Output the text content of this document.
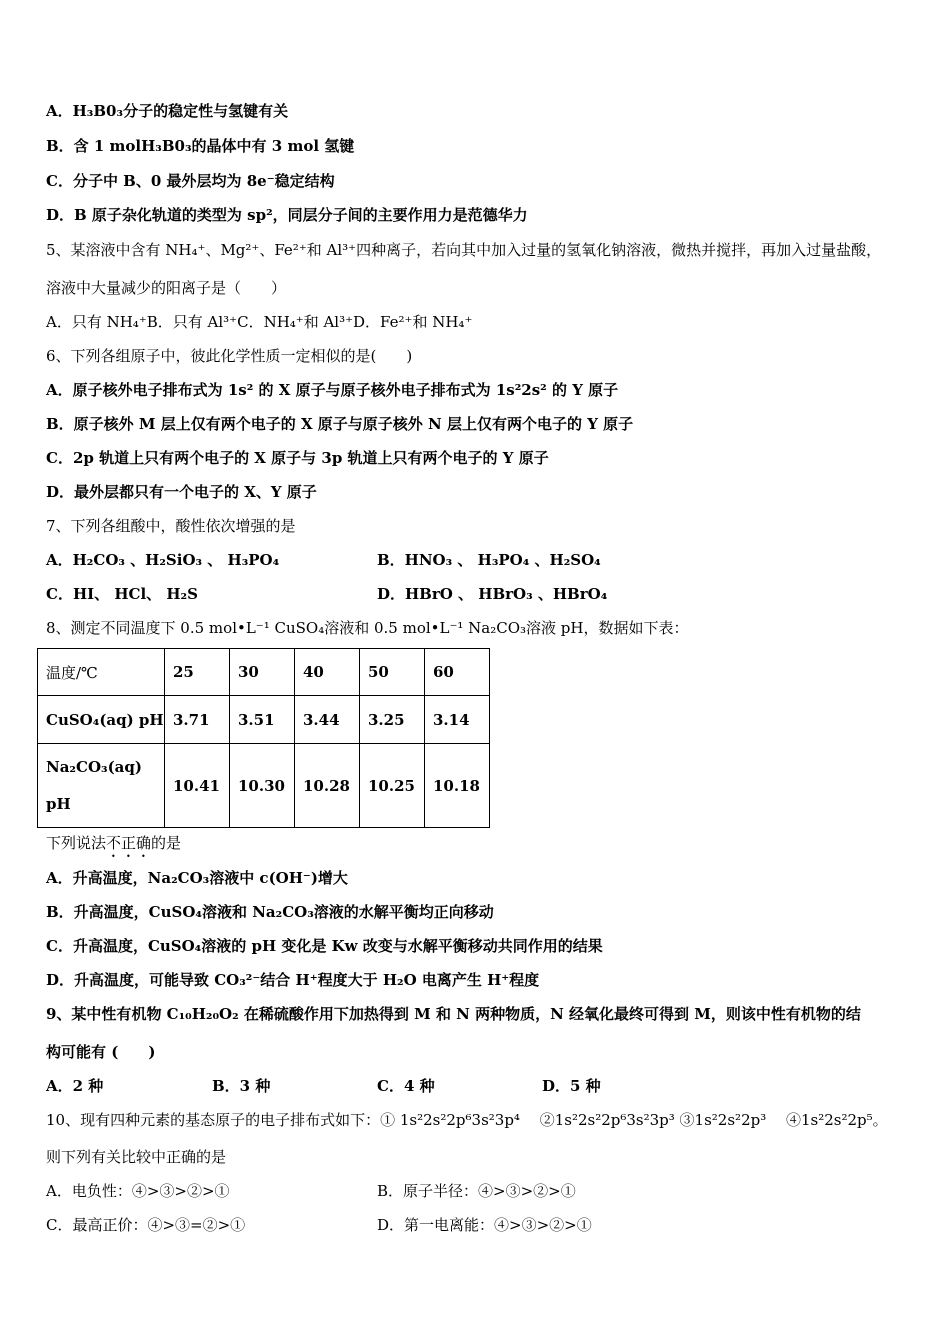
A．H₃B0₃分子的稳定性与氢键有关
B．含 1 molH₃B0₃的晶体中有 3 mol 氢键
C．分子中 B、0 最外层均为 8e⁻稳定结构
D．B 原子杂化轨道的类型为 sp²，同层分子间的主要作用力是范德华力
5、某溶液中含有 NH₄⁺、Mg²⁺、Fe²⁺和 Al³⁺四种离子，若向其中加入过量的氢氧化钠溶液，微热并搅拌，再加入过量盐酸，
溶液中大量减少的阳离子是（　　）
A．只有 NH₄⁺B．只有 Al³⁺C．NH₄⁺和 Al³⁺D．Fe²⁺和 NH₄⁺
6、下列各组原子中，彼此化学性质一定相似的是(　　)
A．原子核外电子排布式为 1s² 的 X 原子与原子核外电子排布式为 1s²2s² 的 Y 原子
B．原子核外 M 层上仅有两个电子的 X 原子与原子核外 N 层上仅有两个电子的 Y 原子
C．2p 轨道上只有两个电子的 X 原子与 3p 轨道上只有两个电子的 Y 原子
D．最外层都只有一个电子的 X、Y 原子
7、下列各组酸中，酸性依次增强的是
A．H₂CO₃ 、H₂SiO₃ 、 H₃PO₄	B．HNO₃ 、 H₃PO₄ 、H₂SO₄
C．HI、 HCl、 H₂S	D．HBrO 、 HBrO₃ 、HBrO₄
8、测定不同温度下 0.5 mol•L⁻¹ CuSO₄溶液和 0.5 mol•L⁻¹ Na₂CO₃溶液 pH，数据如下表：
温度/℃	25	30	40	50	60
CuSO₄(aq) pH	3.71	3.51	3.44	3.25	3.14

Na₂CO₃(aq)
pH	10.41	10.30	10.28	10.25	10.18
下列说法不正确的是
A．升高温度，Na₂CO₃溶液中 c(OH⁻)增大
B．升高温度，CuSO₄溶液和 Na₂CO₃溶液的水解平衡均正向移动
C．升高温度，CuSO₄溶液的 pH 变化是 Kw 改变与水解平衡移动共同作用的结果
D．升高温度，可能导致 CO₃²⁻结合 H⁺程度大于 H₂O 电离产生 H⁺程度
9、某中性有机物 C₁₀H₂₀O₂ 在稀硫酸作用下加热得到 M 和 N 两种物质，N 经氧化最终可得到 M，则该中性有机物的结
构可能有 (　　)
A．2 种	B．3 种	C．4 种	D．5 种
10、现有四种元素的基态原子的电子排布式如下：① 1s²2s²2p⁶3s²3p⁴　 ②1s²2s²2p⁶3s²3p³ ③1s²2s²2p³　 ④1s²2s²2p⁵。
则下列有关比较中正确的是
A．电负性：④>③>②>①	B．原子半径：④>③>②>①
C．最高正价：④>③=②>①	D．第一电离能：④>③>②>①
